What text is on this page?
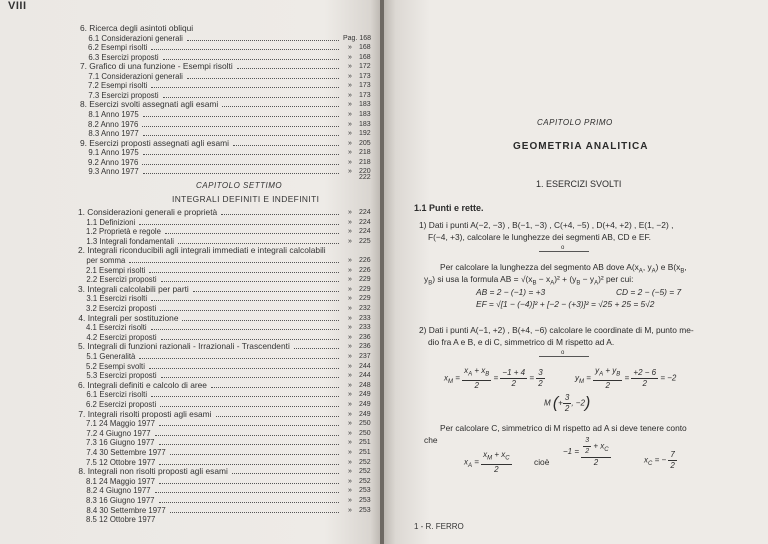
VIII
6. Ricerca degli asintoti obliqui
6.1 Considerazioni generali	Pag. 168
6.2 Esempi risolti	168
»
6.3 Esercizi proposti	168
»
7. Grafico di una funzione - Esempi risolti	172
»
7.1 Considerazioni generali	173
»
7.2 Esempi risolti	173
»
7.3 Esercizi proposti	173
»
8. Esercizi svolti assegnati agli esami	183
»
8.1 Anno 1975	183
»
8.2 Anno 1976	183
»
8.3 Anno 1977	192
»
9. Esercizi proposti assegnati agli esami	205
»
9.1 Anno 1975	218
»
9.2 Anno 1976	218
»
9.3 Anno 1977	220
»
222
1. Considerazioni generali e proprietà	224
»
1.1 Definizioni	224
»
1.2 Proprietà e regole	224
»
1.3 Integrali fondamentali	225
»
2. Integrali riconducibili agli integrali immediati e integrali calcolabili
per somma	226
»
2.1 Esempi risolti	226
»
2.2 Esercizi proposti	229
»
3. Integrali calcolabili per parti	229
»
3.1 Esercizi risolti	229
»
3.2 Esercizi proposti	232
»
4. Integrali per sostituzione	233
»
4.1 Esercizi risolti	233
»
4.2 Esercizi proposti	236
»
5. Integrali di funzioni razionali - Irrazionali - Trascendenti	236
»
5.1 Generalità	237
»
5.2 Esempi svolti	244
»
5.3 Esercizi proposti	244
»
6. Integrali definiti e calcolo di aree	248
»
6.1 Esercizi risolti	249
»
6.2 Esercizi proposti	249
»
7. Integrali risolti proposti agli esami	249
»
7.1 24 Maggio 1977	250
»
7.2 4 Giugno 1977	250
»
7.3 16 Giugno 1977	251
»
7.4 30 Settembre 1977	251
»
7.5 12 Ottobre 1977	252
»
8. Integrali non risolti proposti agli esami	252
»
8.1 24 Maggio 1977	252
»
8.2 4 Giugno 1977	253
»
8.3 16 Giugno 1977	253
»
8.4 30 Settembre 1977	253
»
8.5 12 Ottobre 1977
CAPITOLO SETTIMO
INTEGRALI DEFINITI E INDEFINITI
CAPITOLO PRIMO
GEOMETRIA ANALITICA
1. ESERCIZI SVOLTI
1.1 Punti e rette.
1) Dati i punti A(−2, −3) , B(−1, −3) , C(+4, −5) , D(+4, +2) , E(1, −2) ,
F(−4, +3), calcolare le lunghezze dei segmenti AB, CD e EF.
o
Per calcolare la lunghezza del segmento AB dove $A(x_A$, $y_A$) e $B(x_B$,
$y_B$) si usa la formula AB = $√(x_B - x_A)^2 + (y_B - y_A)^2$ per cui:
AB = 2 − (−1) = +3	CD = 2 − (−5) = 7
EF = √[1 − (−4)]² + [−2 − (+3)]² = √25 + 25 = 5√2
2) Dati i punti A(−1, +2) , B(+4, −6) calcolare le coordinate di M, punto me-
dio fra A e B, e di C, simmetrico di M rispetto ad A.
o
$x_M = \frac{x_A + x_B}{2} = \frac{-1 + 4}{2} = \frac{3}{2}$	$y_M = \frac{y_A + y_B}{2} = \frac{+2 - 6}{2} = -2$
M (+ $\frac{3}{2}$ , −2)
Per calcolare C, simmetrico di M rispetto ad A si deve tenere conto
che
$x_A = \frac{x_M + x_C}{2}$	cioè
$-1 = \frac{\frac{3}{2} + x_C}{2}$	$x_C$ = − $\frac{7}{2}$
1 - R. FERRO
